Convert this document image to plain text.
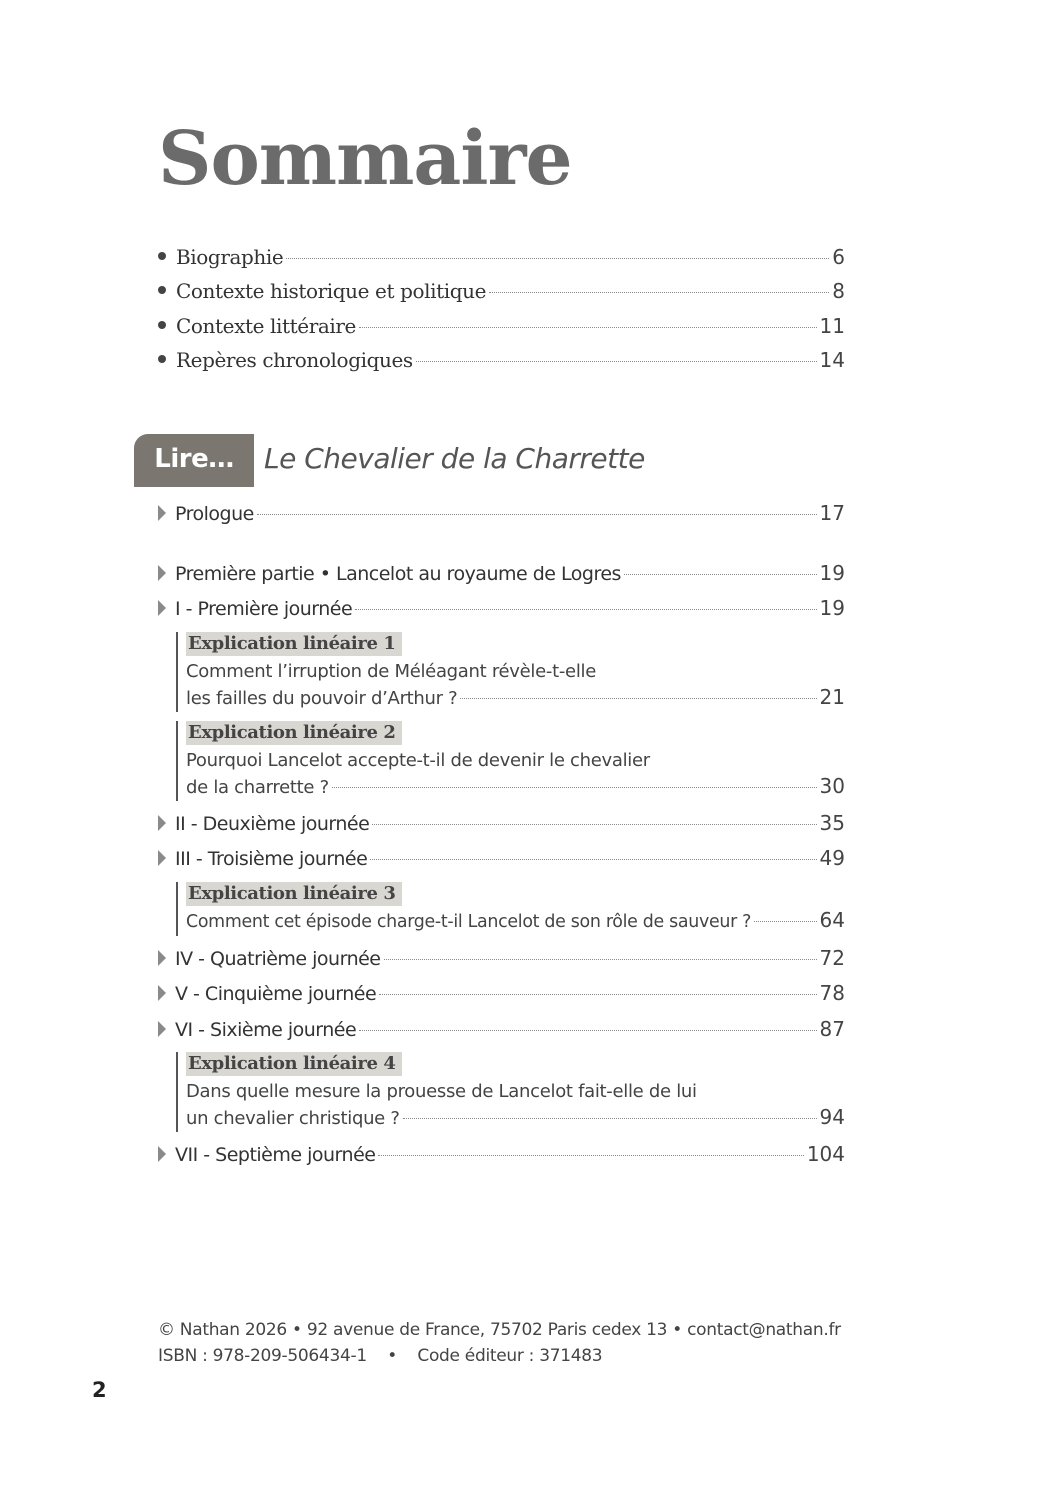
Sommaire
Biographie	6
Contexte historique et politique	8
Contexte littéraire	11
Repères chronologiques	14
Lire…	Le Chevalier de la Charrette
Prologue	17
Première partie • Lancelot au royaume de Logres	19
I - Première journée	19
Explication linéaire 1
Comment l’irruption de Méléagant révèle-t-elle
les failles du pouvoir d’Arthur ?	21
Explication linéaire 2
Pourquoi Lancelot accepte-t-il de devenir le chevalier
de la charrette ?	30
II - Deuxième journée	35
III - Troisième journée	49
Explication linéaire 3
Comment cet épisode charge-t-il Lancelot de son rôle de sauveur ?	64
IV - Quatrième journée	72
V - Cinquième journée	78
VI - Sixième journée	87
Explication linéaire 4
Dans quelle mesure la prouesse de Lancelot fait-elle de lui
un chevalier christique ?	94
VII - Septième journée	104
© Nathan 2026 • 92 avenue de France, 75702 Paris cedex 13 • contact@nathan.fr
ISBN : 978-209-506434-1    •    Code éditeur : 371483
2
